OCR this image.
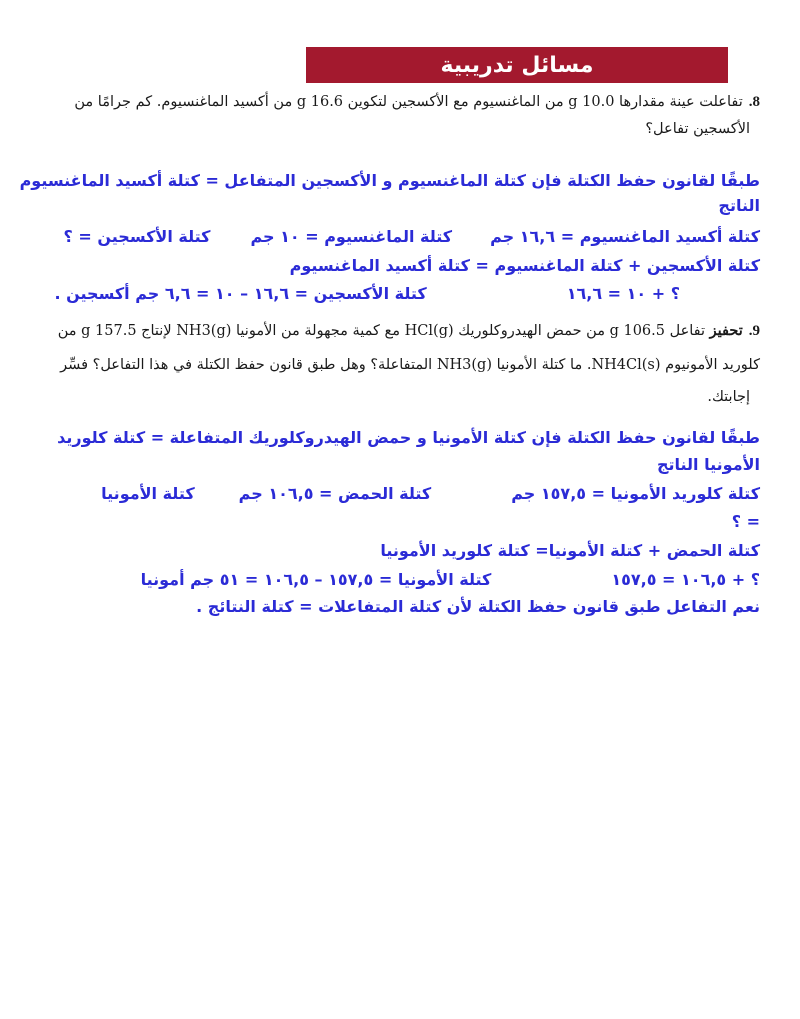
مسائل تدريبية
8.تفاعلت عينة مقدارها 10.0 g من الماغنسيوم مع الأكسجين لتكوين 16.6 g من أكسيد الماغنسيوم. كم جرامًا من
الأكسجين تفاعل؟
طبقًا لقانون حفظ الكتلة فإن كتلة الماغنسيوم و الأكسجين المتفاعل = كتلة أكسيد الماغنسيوم
الناتج
كتلة أكسيد الماغنسيوم = ١٦,٦ جمكتلة الماغنسيوم = ١٠ جمكتلة الأكسجين = ؟
كتلة الأكسجين + كتلة الماغنسيوم = كتلة أكسيد الماغنسيوم
؟ + ١٠ = ١٦,٦كتلة الأكسجين = ١٦,٦ – ١٠ = ٦,٦ جم أكسجين .
9.تحفيز تفاعل 106.5 g من حمض الهيدروكلوريك HCl(g) مع كمية مجهولة من الأمونيا NH3(g) لإنتاج 157.5 g من
كلوريد الأمونيوم NH4Cl(s). ما كتلة الأمونيا NH3(g) المتفاعلة؟ وهل طبق قانون حفظ الكتلة في هذا التفاعل؟ فسِّر
إجابتك.
طبقًا لقانون حفظ الكتلة فإن كتلة الأمونيا و حمض الهيدروكلوريك المتفاعلة = كتلة كلوريد
الأمونيا الناتج
كتلة كلوريد الأمونيا = ١٥٧,٥ جمكتلة الحمض = ١٠٦,٥ جمكتلة الأمونيا
= ؟
كتلة الحمض + كتلة الأمونيا= كتلة كلوريد الأمونيا
؟ + ١٠٦,٥ = ١٥٧,٥كتلة الأمونيا = ١٥٧,٥ – ١٠٦,٥ = ٥١ جم أمونيا
نعم التفاعل طبق قانون حفظ الكتلة لأن كتلة المتفاعلات = كتلة النتائج .
